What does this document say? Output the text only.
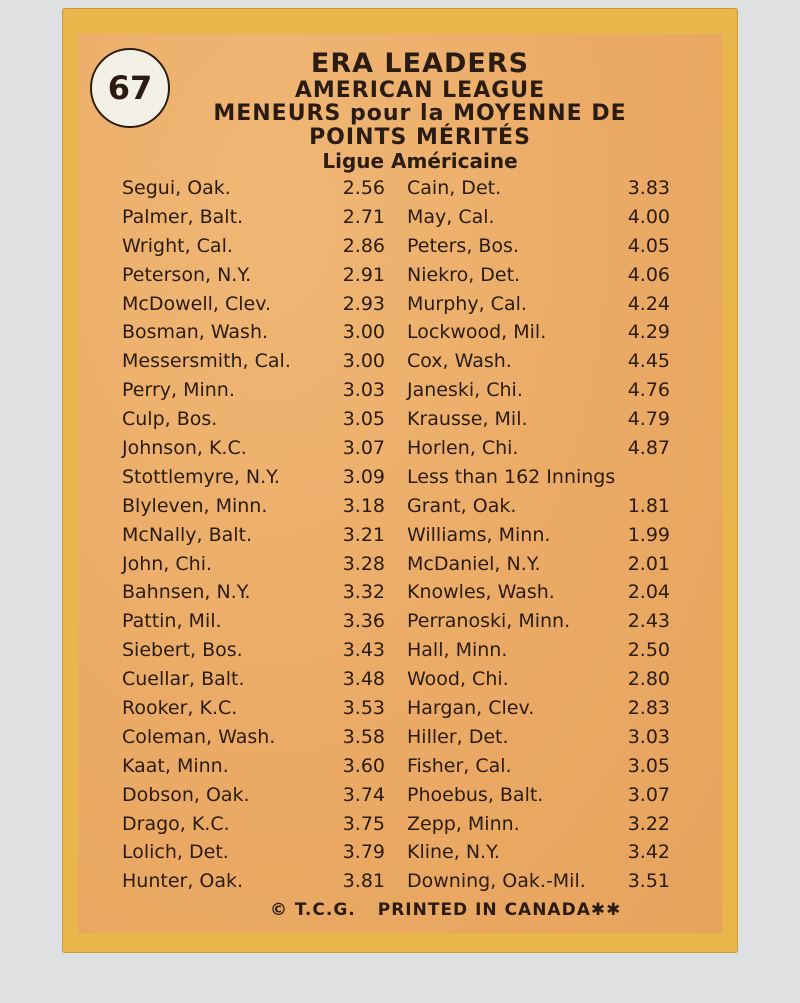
67
ERA LEADERS
AMERICAN LEAGUE
MENEURS pour la MOYENNE DE
POINTS MÉRITÉS
Ligue Américaine
Segui, Oak.	2.56 Cain, Det.	3.83
Palmer, Balt.	2.71 May, Cal.	4.00
Wright, Cal.	2.86 Peters, Bos.	4.05
Peterson, N.Y.	2.91 Niekro, Det.	4.06
McDowell, Clev.	2.93 Murphy, Cal.	4.24
Bosman, Wash.	3.00 Lockwood, Mil.	4.29
Messersmith, Cal.	3.00 Cox, Wash.	4.45
Perry, Minn.	3.03 Janeski, Chi.	4.76
Culp, Bos.	3.05 Krausse, Mil.	4.79
Johnson, K.C.	3.07 Horlen, Chi.	4.87
Stottlemyre, N.Y.	3.09 Less than 162 Innings
Blyleven, Minn.	3.18 Grant, Oak.	1.81
McNally, Balt.	3.21 Williams, Minn.	1.99
John, Chi.	3.28 McDaniel, N.Y.	2.01
Bahnsen, N.Y.	3.32 Knowles, Wash.	2.04
Pattin, Mil.	3.36 Perranoski, Minn.	2.43
Siebert, Bos.	3.43 Hall, Minn.	2.50
Cuellar, Balt.	3.48 Wood, Chi.	2.80
Rooker, K.C.	3.53 Hargan, Clev.	2.83
Coleman, Wash.	3.58 Hiller, Det.	3.03
Kaat, Minn.	3.60 Fisher, Cal.	3.05
Dobson, Oak.	3.74 Phoebus, Balt.	3.07
Drago, K.C.	3.75 Zepp, Minn.	3.22
Lolich, Det.	3.79 Kline, N.Y.	3.42
Hunter, Oak.	3.81 Downing, Oak.-Mil.	3.51
© T.C.G. PRINTED IN CANADA✱✱
